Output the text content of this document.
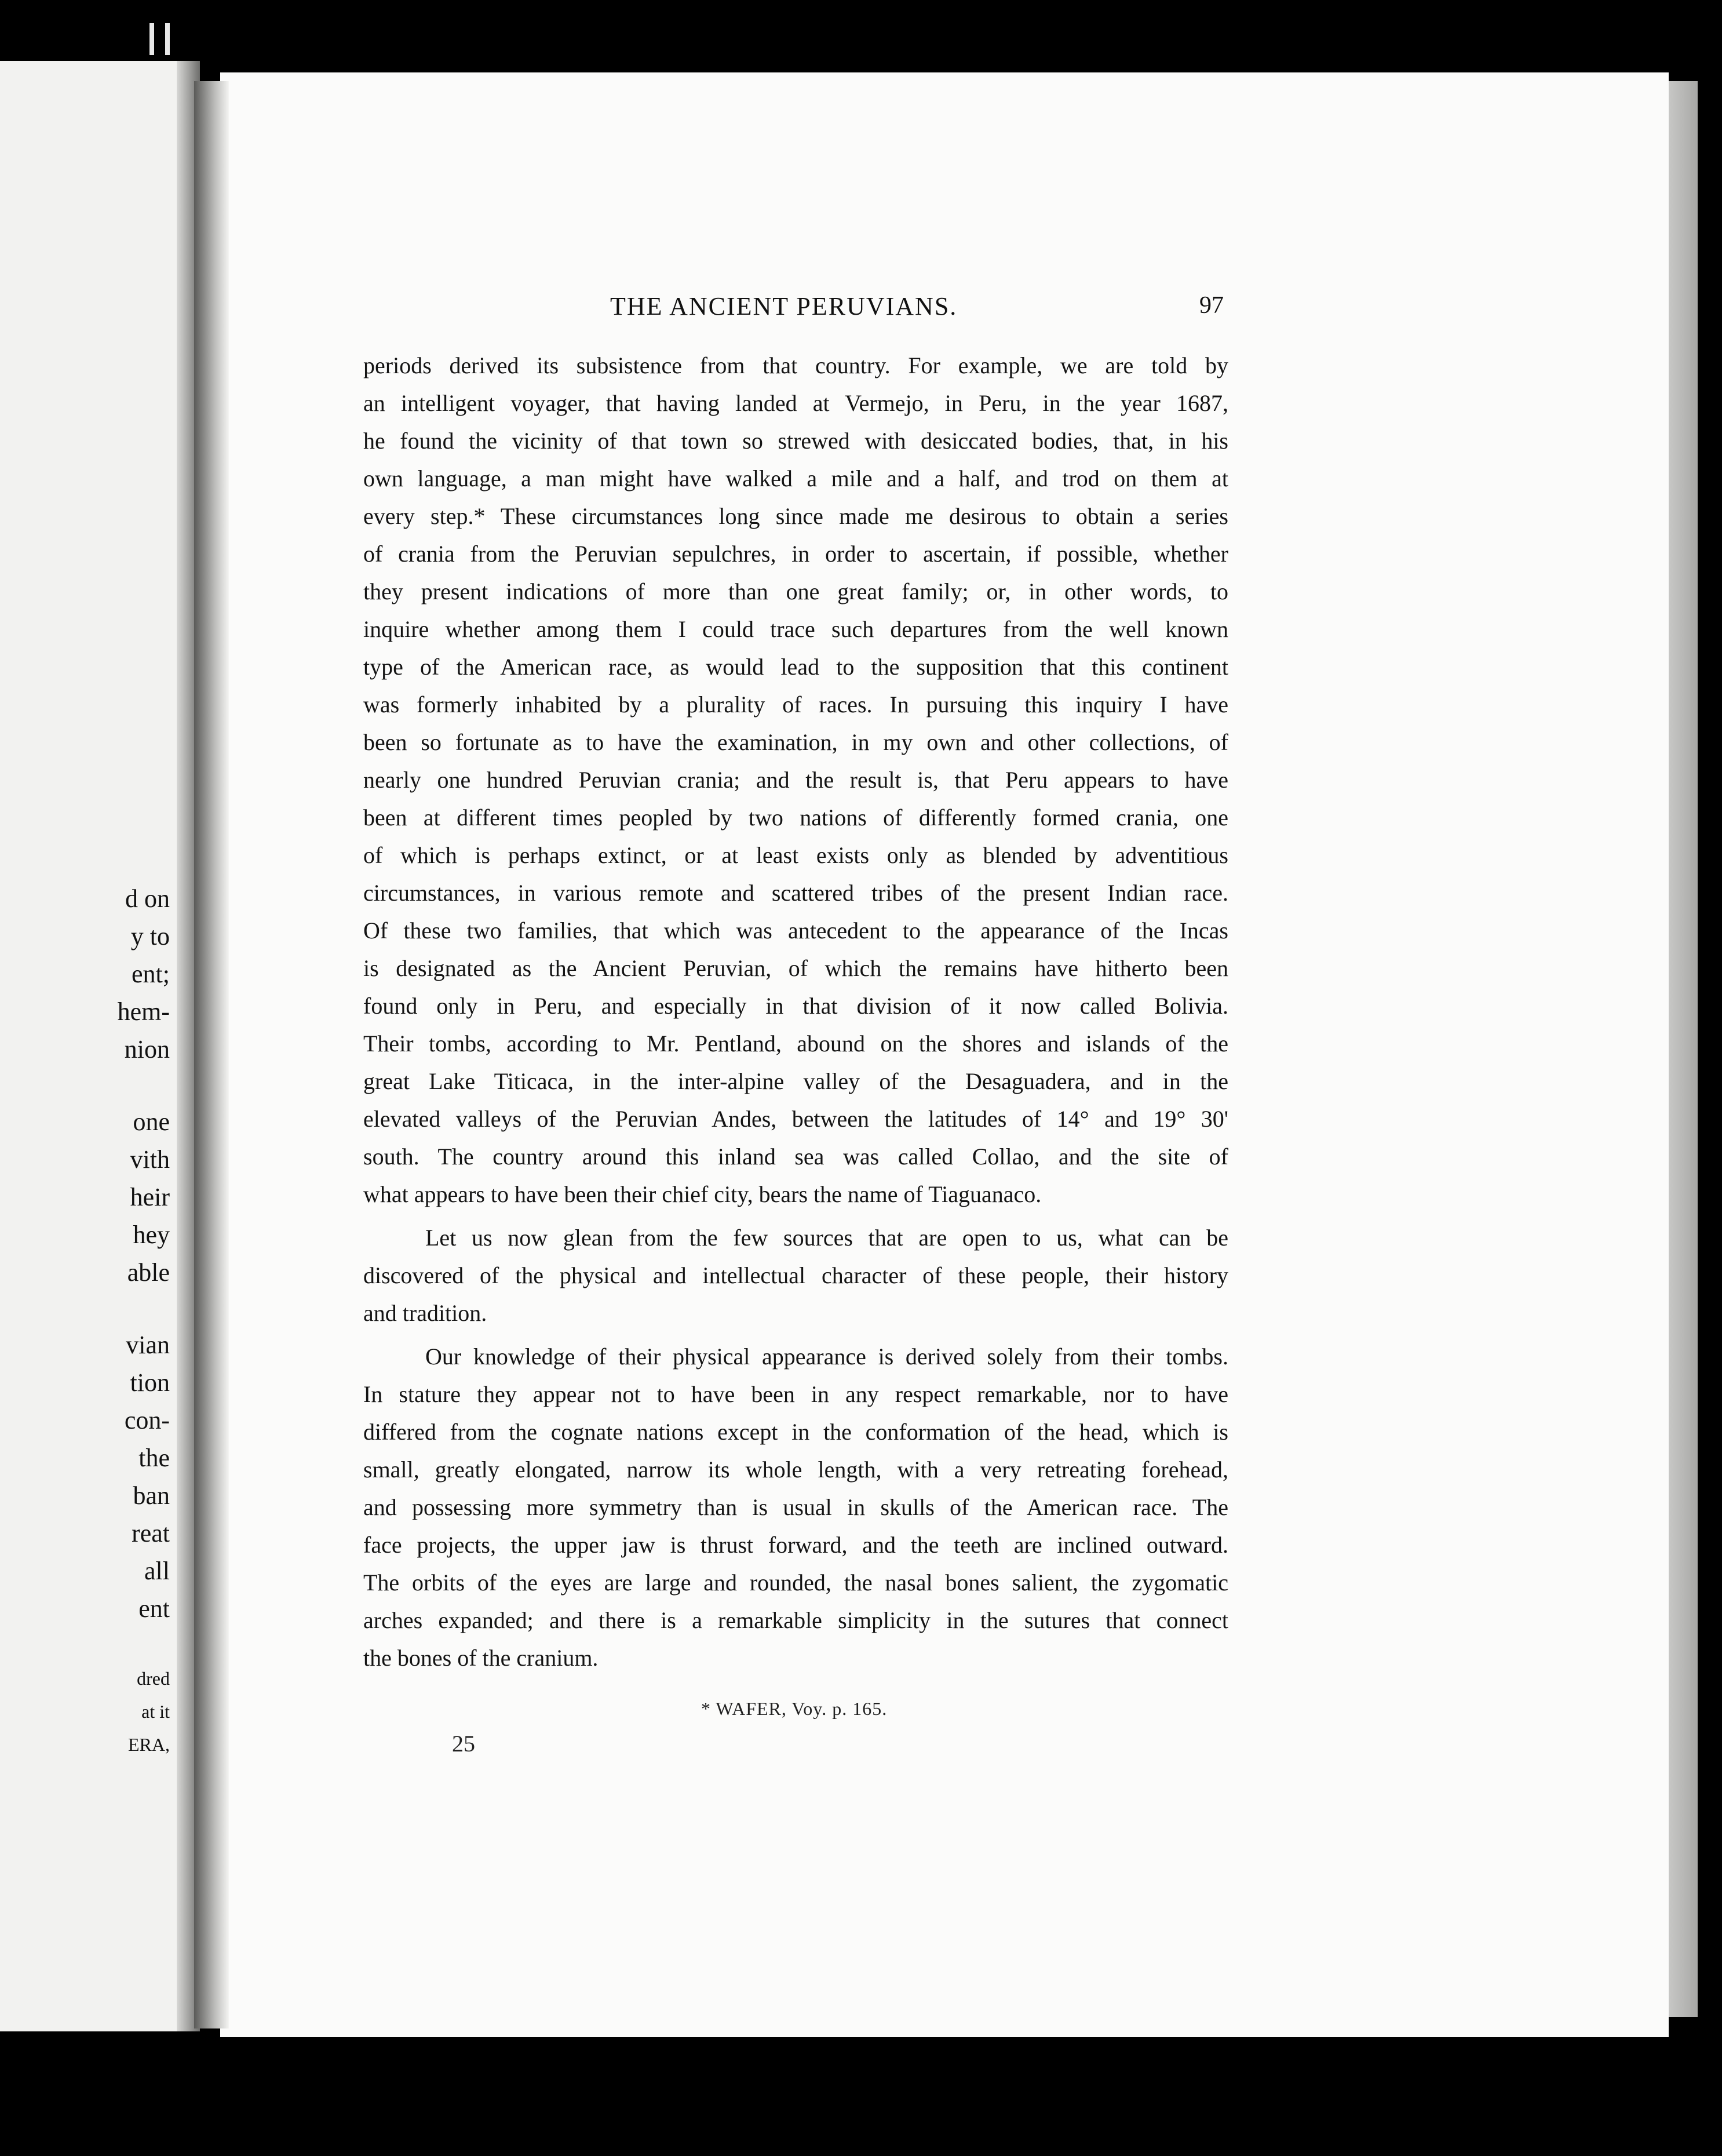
d on
y to
ent;
hem-
nion
one
vith
heir
hey
able
vian
tion
con-
the
ban
reat
all
ent
dred
at it
ERA,
THE ANCIENT PERUVIANS.	97
periods derived its subsistence from that country. For example, we are told by
an intelligent voyager, that having landed at Vermejo, in Peru, in the year 1687,
he found the vicinity of that town so strewed with desiccated bodies, that, in his
own language, a man might have walked a mile and a half, and trod on them at
every step.* These circumstances long since made me desirous to obtain a series
of crania from the Peruvian sepulchres, in order to ascertain, if possible, whether
they present indications of more than one great family; or, in other words, to
inquire whether among them I could trace such departures from the well known
type of the American race, as would lead to the supposition that this continent
was formerly inhabited by a plurality of races. In pursuing this inquiry I have
been so fortunate as to have the examination, in my own and other collections, of
nearly one hundred Peruvian crania; and the result is, that Peru appears to have
been at different times peopled by two nations of differently formed crania, one
of which is perhaps extinct, or at least exists only as blended by adventitious
circumstances, in various remote and scattered tribes of the present Indian race.
Of these two families, that which was antecedent to the appearance of the Incas
is designated as the Ancient Peruvian, of which the remains have hitherto been
found only in Peru, and especially in that division of it now called Bolivia.
Their tombs, according to Mr. Pentland, abound on the shores and islands of the
great Lake Titicaca, in the inter-alpine valley of the Desaguadera, and in the
elevated valleys of the Peruvian Andes, between the latitudes of 14° and 19° 30'
south. The country around this inland sea was called Collao, and the site of
what appears to have been their chief city, bears the name of Tiaguanaco.
Let us now glean from the few sources that are open to us, what can be
discovered of the physical and intellectual character of these people, their history
and tradition.
Our knowledge of their physical appearance is derived solely from their tombs.
In stature they appear not to have been in any respect remarkable, nor to have
differed from the cognate nations except in the conformation of the head, which is
small, greatly elongated, narrow its whole length, with a very retreating forehead,
and possessing more symmetry than is usual in skulls of the American race. The
face projects, the upper jaw is thrust forward, and the teeth are inclined outward.
The orbits of the eyes are large and rounded, the nasal bones salient, the zygomatic
arches expanded; and there is a remarkable simplicity in the sutures that connect
the bones of the cranium.
* WAFER, Voy. p. 165.
25
